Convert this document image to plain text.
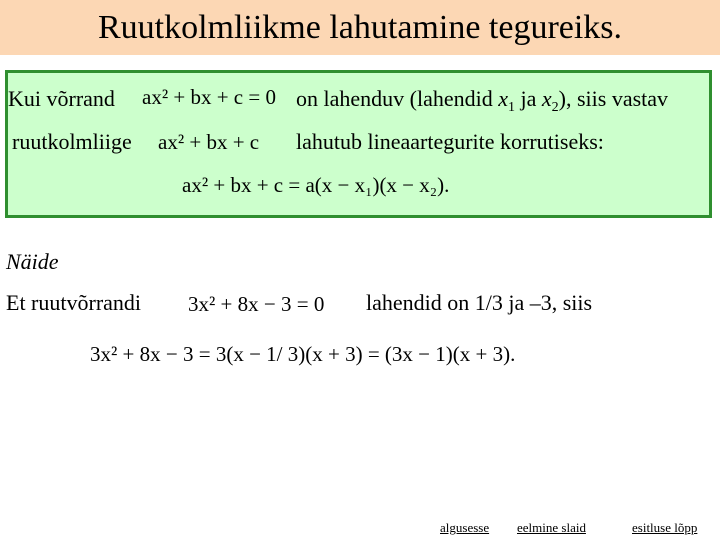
Ruutkolmliikme lahutamine tegureiks.
Kui võrrand ax² + bx + c = 0 on lahenduv (lahendid $x_1$ ja $x_2$), siis vastav
ruutkolmliige ax² + bx + c lahutub lineaartegurite korrutiseks:
ax² + bx + c = a(x − x₁)(x − x₂).
Näide
Et ruutvõrrandi 3x² + 8x − 3 = 0 lahendid on 1/3 ja –3, siis
3x² + 8x − 3 = 3(x − 1/ 3)(x + 3) = (3x − 1)(x + 3).
algusesse eelmine slaid	esitluse lõpp
